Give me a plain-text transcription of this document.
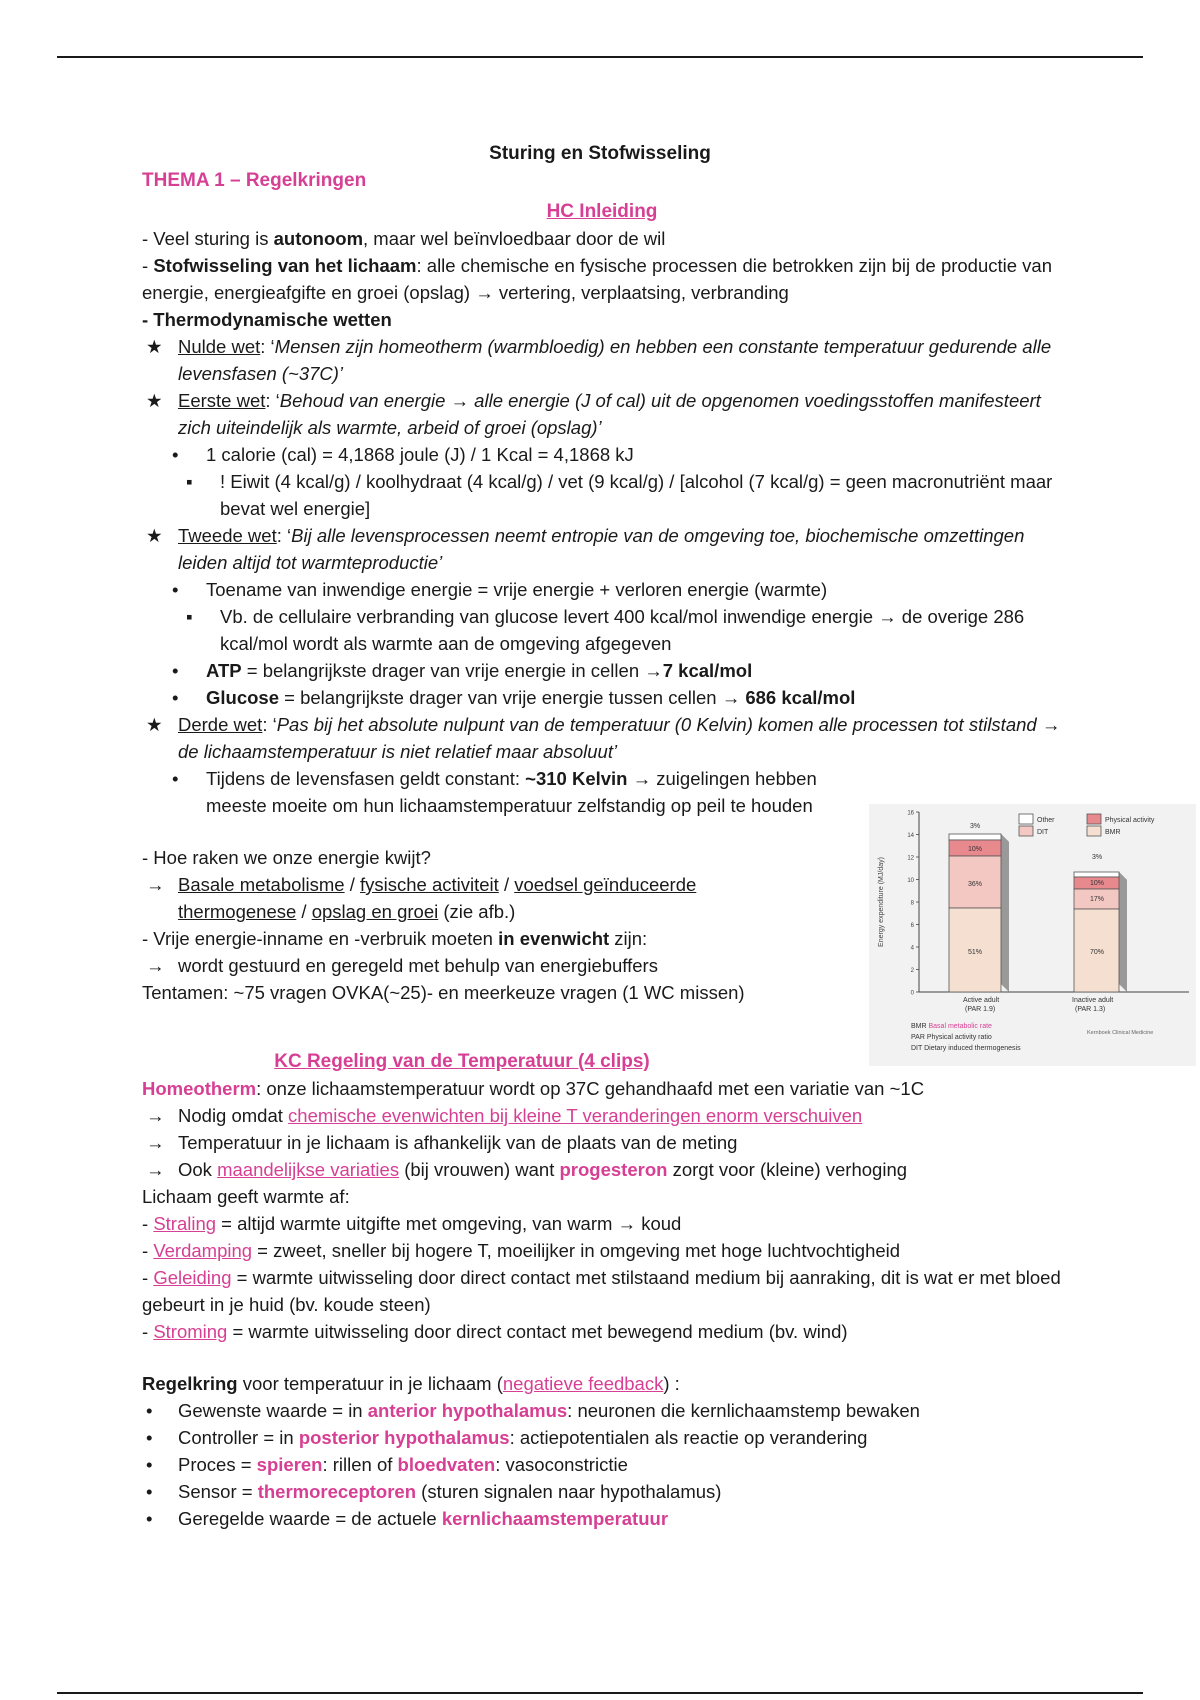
Sturing en Stofwisseling
THEMA 1 – Regelkringen
HC Inleiding
- Veel sturing is autonoom, maar wel beïnvloedbaar door de wil
- Stofwisseling van het lichaam: alle chemische en fysische processen die betrokken zijn bij de productie van energie, energieafgifte en groei (opslag) → vertering, verplaatsing, verbranding
- Thermodynamische wetten
★ Nulde wet: ‘Mensen zijn homeotherm (warmbloedig) en hebben een constante temperatuur gedurende alle levensfasen (~37C)’
★ Eerste wet: ‘Behoud van energie → alle energie (J of cal) uit de opgenomen voedingsstoffen manifesteert zich uiteindelijk als warmte, arbeid of groei (opslag)’
• 1 calorie (cal) = 4,1868 joule (J) / 1 Kcal = 4,1868 kJ
▪ ! Eiwit (4 kcal/g) / koolhydraat (4 kcal/g) / vet (9 kcal/g) / [alcohol (7 kcal/g) = geen macronutriënt maar bevat wel energie]
★ Tweede wet: ‘Bij alle levensprocessen neemt entropie van de omgeving toe, biochemische omzettingen leiden altijd tot warmteproductie’
• Toename van inwendige energie = vrije energie + verloren energie (warmte)
▪ Vb. de cellulaire verbranding van glucose levert 400 kcal/mol inwendige energie → de overige 286 kcal/mol wordt als warmte aan de omgeving afgegeven
• ATP = belangrijkste drager van vrije energie in cellen →7 kcal/mol
• Glucose = belangrijkste drager van vrije energie tussen cellen → 686 kcal/mol
★ Derde wet: ‘Pas bij het absolute nulpunt van de temperatuur (0 Kelvin) komen alle processen tot stilstand → de lichaamstemperatuur is niet relatief maar absoluut’
• Tijdens de levensfasen geldt constant: ~310 Kelvin → zuigelingen hebben meeste moeite om hun lichaamstemperatuur zelfstandig op peil te houden
- Hoe raken we onze energie kwijt?
→ Basale metabolisme / fysische activiteit / voedsel geïnduceerde thermogenese / opslag en groei (zie afb.)
- Vrije energie-inname en -verbruik moeten in evenwicht zijn:
→ wordt gestuurd en geregeld met behulp van energiebuffers
Tentamen: ~75 vragen OVKA(~25)- en meerkeuze vragen (1 WC missen)	0
2
4
6
8
10
12
14
16
Energy expenditure (MJ/day)
3%
10%
36%
51%
3%
10%
17%
70%
Active adult
(PAR 1.9)
Inactive adult
(PAR 1.3)
Other
DIT
Physical activity
BMR
BMR Basal metabolic rate
PAR Physical activity ratio
DIT Dietary induced thermogenesis
Kernboek Clinical Medicine
KC Regeling van de Temperatuur (4 clips)
Homeotherm: onze lichaamstemperatuur wordt op 37C gehandhaafd met een variatie van ~1C
→ Nodig omdat chemische evenwichten bij kleine T veranderingen enorm verschuiven
→ Temperatuur in je lichaam is afhankelijk van de plaats van de meting
→ Ook maandelijkse variaties (bij vrouwen) want progesteron zorgt voor (kleine) verhoging
Lichaam geeft warmte af:
- Straling = altijd warmte uitgifte met omgeving, van warm → koud
- Verdamping = zweet, sneller bij hogere T, moeilijker in omgeving met hoge luchtvochtigheid
- Geleiding = warmte uitwisseling door direct contact met stilstaand medium bij aanraking, dit is wat er met bloed gebeurt in je huid (bv. koude steen)
- Stroming = warmte uitwisseling door direct contact met bewegend medium (bv. wind)
Regelkring voor temperatuur in je lichaam (negatieve feedback) :
• Gewenste waarde = in anterior hypothalamus: neuronen die kernlichaamstemp bewaken
• Controller = in posterior hypothalamus: actiepotentialen als reactie op verandering
• Proces = spieren: rillen of bloedvaten: vasoconstrictie
• Sensor = thermoreceptoren (sturen signalen naar hypothalamus)
• Geregelde waarde = de actuele kernlichaamstemperatuur
